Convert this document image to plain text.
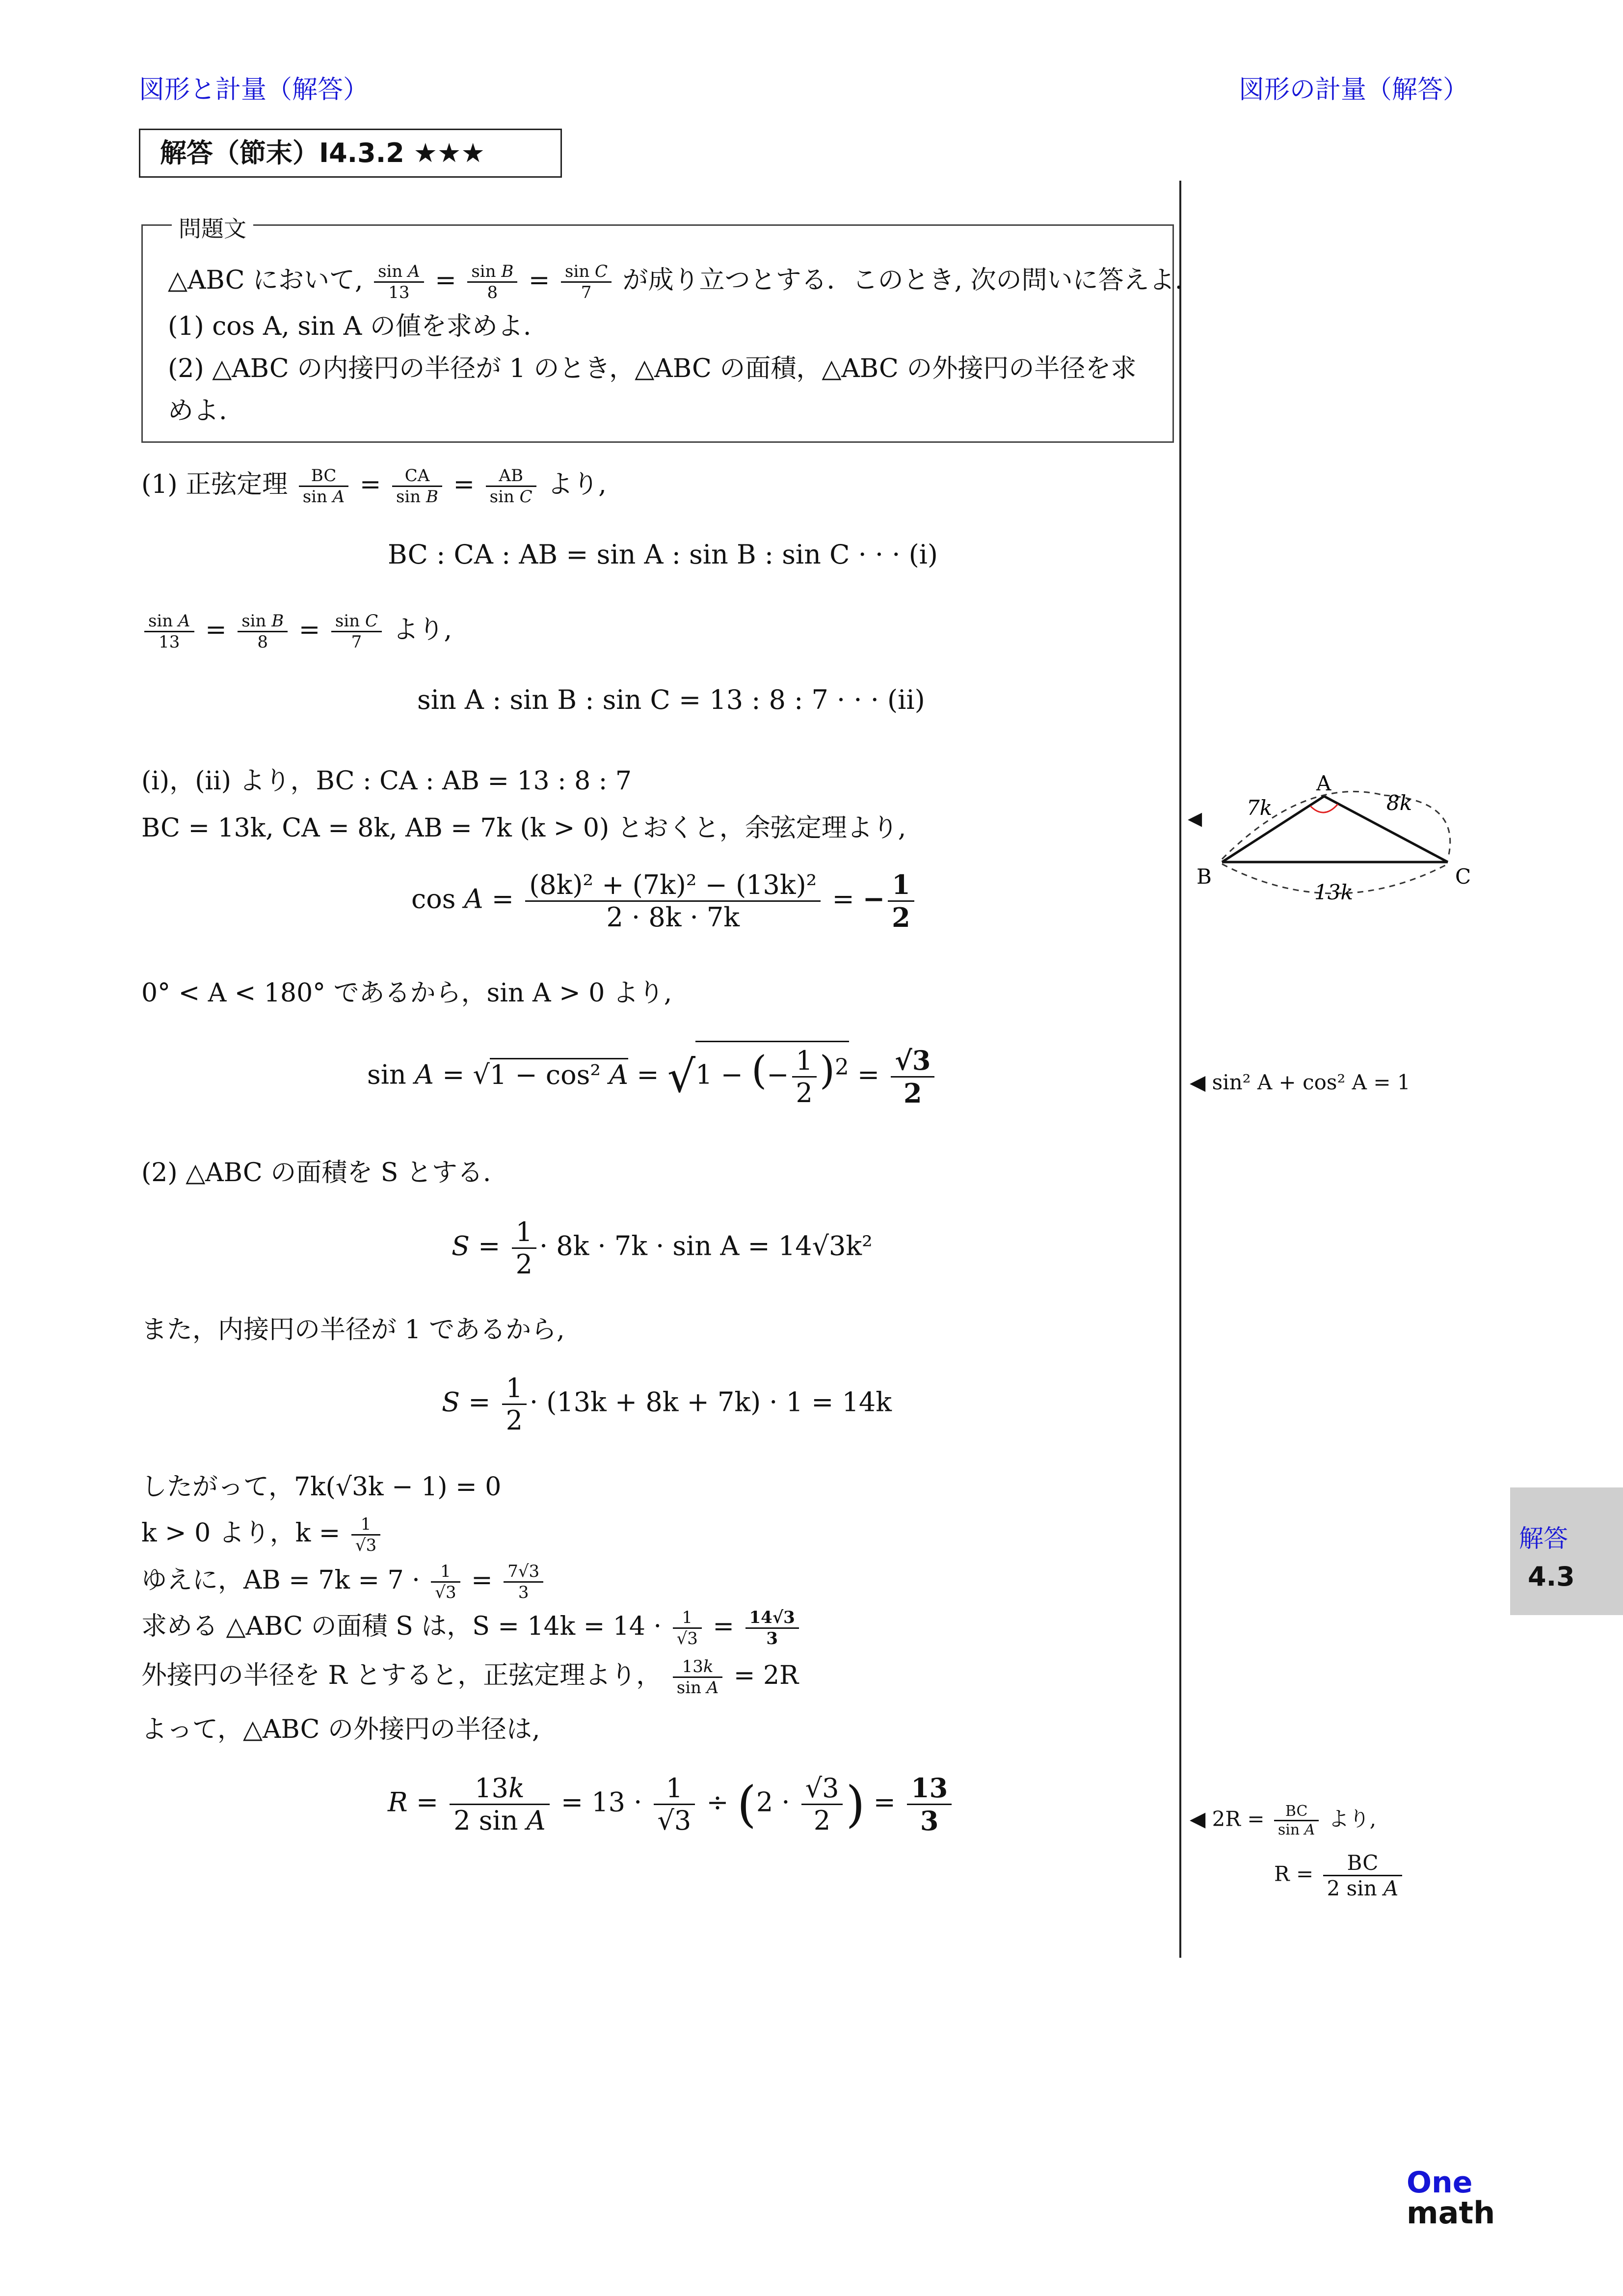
図形と計量（解答）	図形の計量（解答）
解答（節末）I4.3.2 ★★★
問題文
△ABC において, $\frac{\text{sin A}}{13} = \frac{\text{sin B}}{8} = \frac{\text{sin C}}{7}$ が成り立つとする．このとき, 次の問いに答えよ.
(1) cos A, sin A の値を求めよ.
(2) △ABC の内接円の半径が 1 のとき，△ABC の面積，△ABC の外接円の半径を求
めよ.
(1) 正弦定理 $\frac{BC}{\text{sin A}} = \frac{CA}{\text{sin B}} = \frac{AB}{\text{sin C}}$ より,
BC : CA : AB = sin A : sin B : sin C · · · (i)
$\frac{\text{sin A}}{13} = \frac{\text{sin B}}{8} = \frac{\text{sin C}}{7}$ より,
sin A : sin B : sin C = 13 : 8 : 7 · · · (ii)
(i)，(ii) より，BC : CA : AB = 13 : 8 : 7
BC = 13k, CA = 8k, AB = 7k (k > 0) とおくと，余弦定理より,
$\cos A = \frac{\text{(8k)² + (7k)² − (13k)²}}{2 \cdot 8k \cdot 7k}$ = − $\frac{1}{2}$
0° < A < 180° であるから，sin A > 0 より,
sin A = √1 − cos² A = √1 − (− $\frac{1}{2} )^2 = \frac{√3}{2}$
(2) △ABC の面積を S とする.
$S = \frac{1}{2} \cdot 8k \cdot 7k \cdot \sin A = 14√3k^2$
また，内接円の半径が 1 であるから,
$S = \frac{1}{2} \cdot (13k + 8k + 7k) \cdot 1 = 14k$
したがって，7k(√3k − 1) = 0
k > 0 より，$k = \frac{1}{√3}$
ゆえに，AB = $7k = 7 \cdot \frac{1}{√3} = \frac{7√3}{3}$
求める △ABC の面積 S は，$S = 14k = 14 \cdot \frac{1}{√3} = \frac{14√3}{3}$
外接円の半径を R とすると，正弦定理より， $\frac{13k}{\text{sin A}} = 2R$
よって，△ABC の外接円の半径は,
$R = \frac{13k}{\text{2 sin A}} = 13 \cdot \frac{1}{√3} \div (2 \cdot \frac{√3}{2}$ ) = $\frac{13}{3}$
◀
A
B	C
7k	8k
13k
◀ sin² A + cos² A = 1
◀ $2R = \frac{BC}{\text{sin A}}$ より,
$R = \frac{BC}{\text{2 sin A}}$
解答
4.3
One
math
